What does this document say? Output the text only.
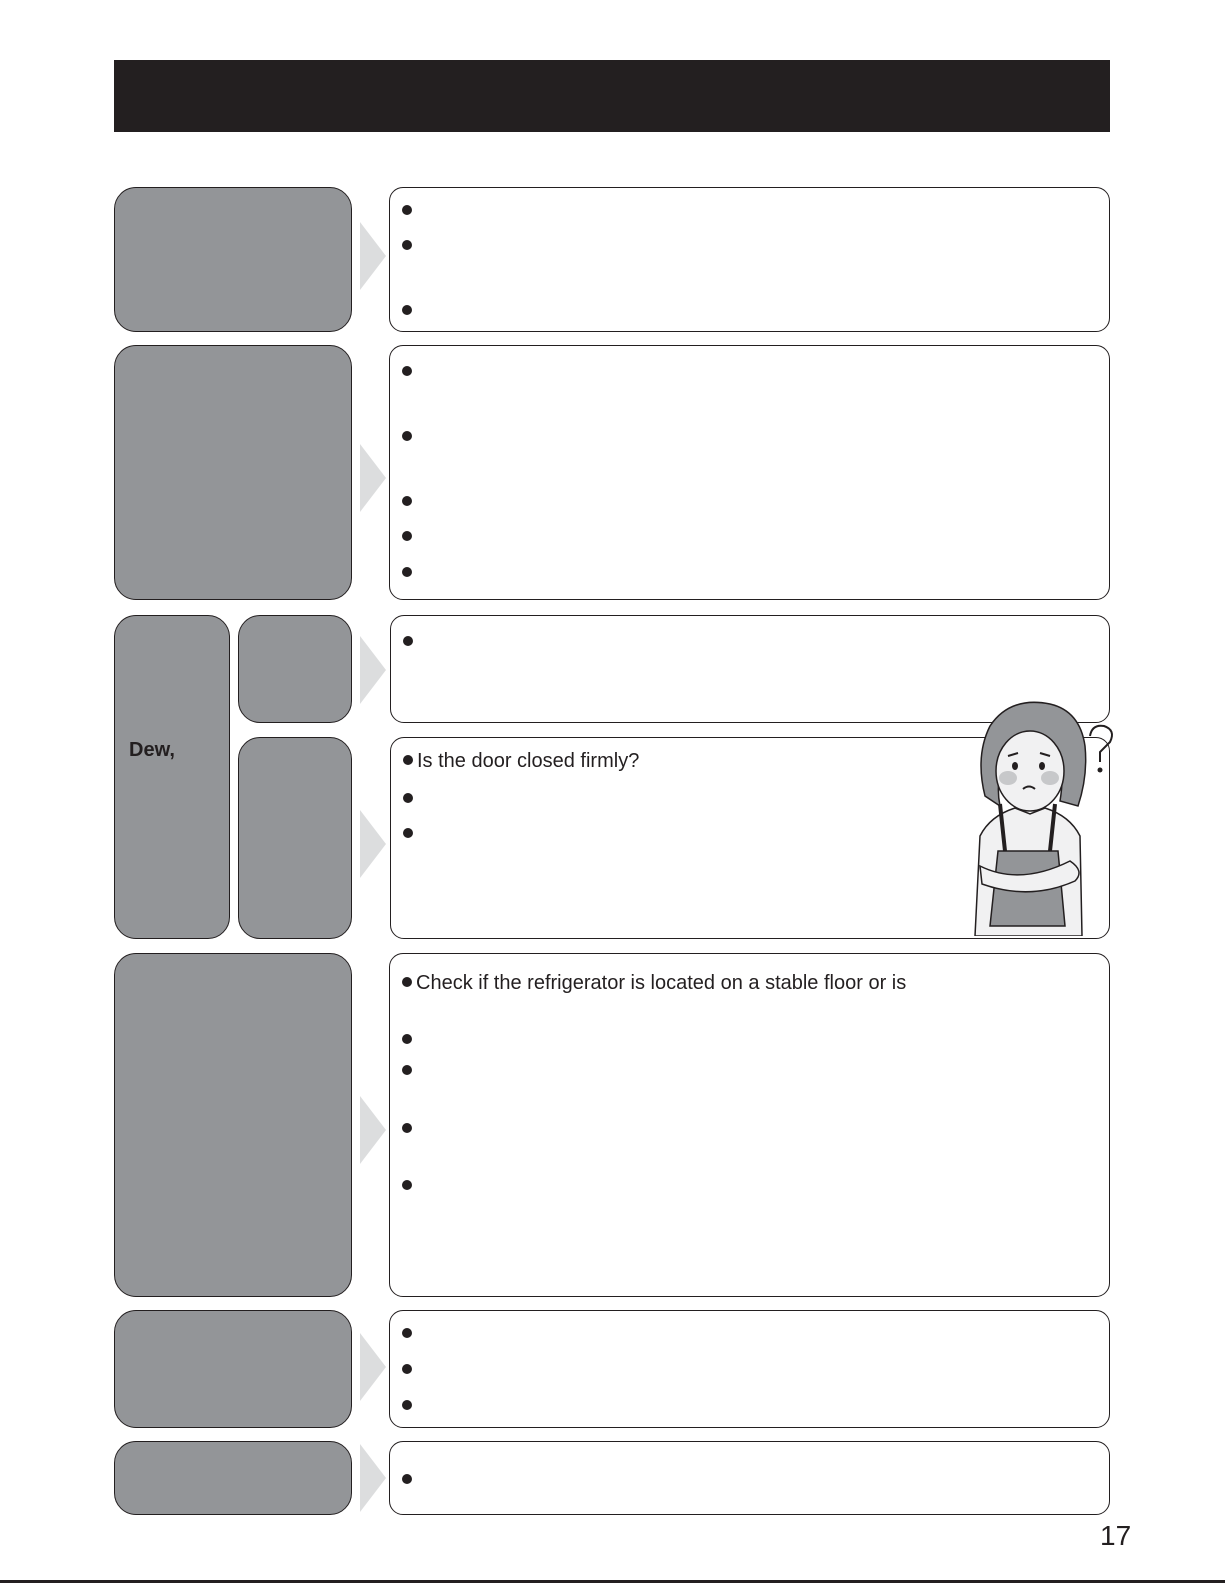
Dew,	Is the door closed firmly?
Check if the refrigerator is located on a stable floor or is
17
